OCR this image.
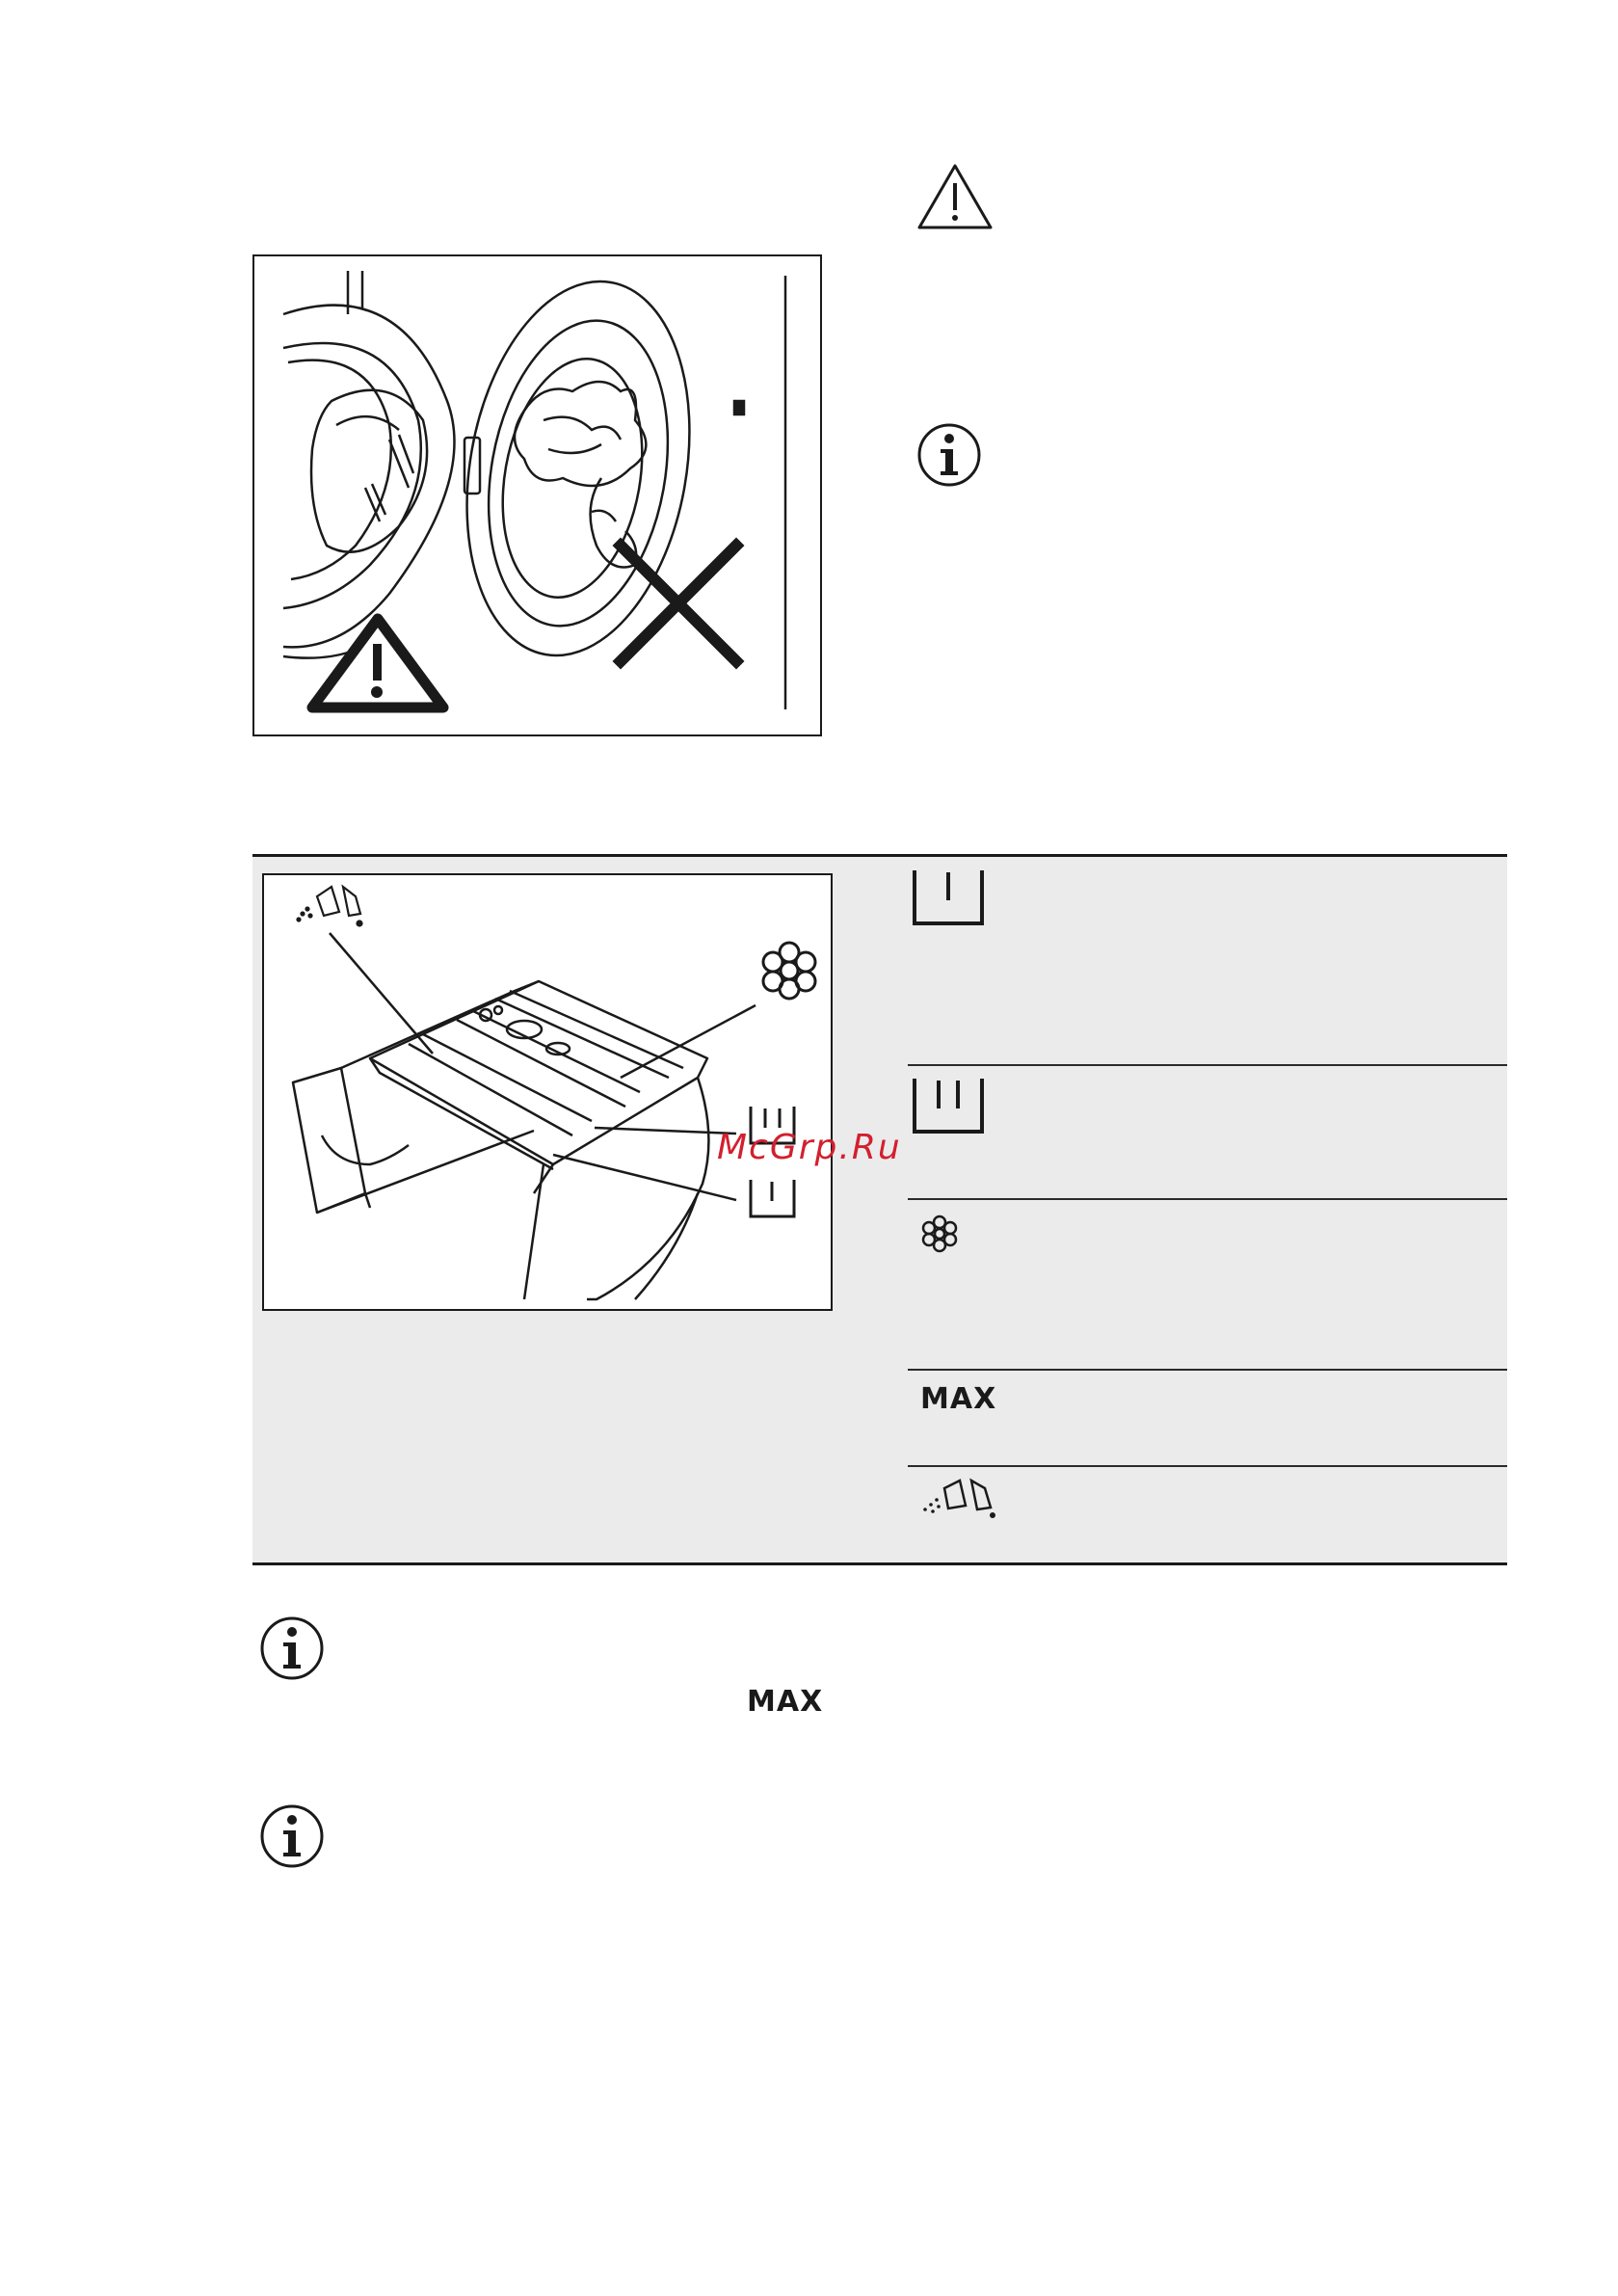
McGrp.Ru
MAX
MAX
